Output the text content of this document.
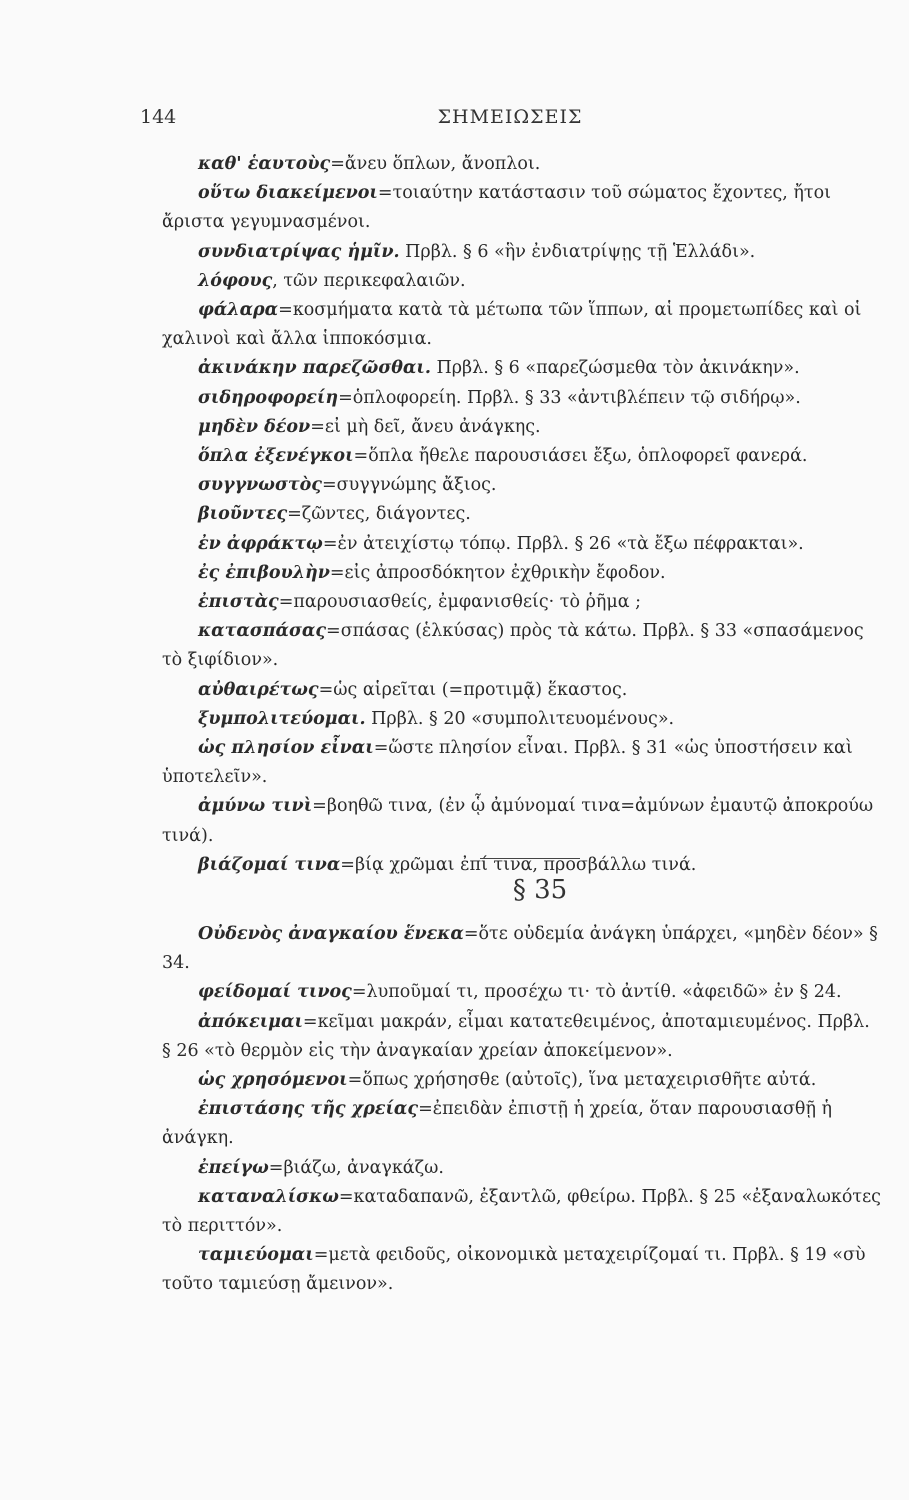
144	ΣΗΜΕΙΩΣΕΙΣ
καθ' ἑαυτοὺς=ἄνευ ὅπλων, ἄνοπλοι.
οὕτω διακείμενοι=τοιαύτην κατάστασιν τοῦ σώματος ἔχοντες, ἤτοι ἄριστα γεγυμνασμένοι.
συνδιατρίψας ἡμῖν. Πρβλ. § 6 «ἣν ἐνδιατρίψῃς τῇ Ἑλλάδι».
λόφους, τῶν περικεφαλαιῶν.
φάλαρα=κοσμήματα κατὰ τὰ μέτωπα τῶν ἵππων, αἱ προμετωπίδες καὶ οἱ χαλινοὶ καὶ ἄλλα ἱπποκόσμια.
ἀκινάκην παρεζῶσθαι. Πρβλ. § 6 «παρεζώσμεθα τὸν ἀκινάκην».
σιδηροφορείη=ὁπλοφορείη. Πρβλ. § 33 «ἀντιβλέπειν τῷ σιδήρῳ».
μηδὲν δέον=εἰ μὴ δεῖ, ἄνευ ἀνάγκης.
ὅπλα ἐξενέγκοι=ὅπλα ἤθελε παρουσιάσει ἔξω, ὁπλοφορεῖ φανερά.
συγγνωστὸς=συγγνώμης ἄξιος.
βιοῦντες=ζῶντες, διάγοντες.
ἐν ἀφράκτῳ=ἐν ἀτειχίστῳ τόπῳ. Πρβλ. § 26 «τὰ ἔξω πέφρακται».
ἐς ἐπιβουλὴν=εἰς ἀπροσδόκητον ἐχθρικὴν ἔφοδον.
ἐπιστὰς=παρουσιασθείς, ἐμφανισθείς· τὸ ῥῆμα ;
κατασπάσας=σπάσας (ἑλκύσας) πρὸς τὰ κάτω. Πρβλ. § 33 «σπασάμενος τὸ ξιφίδιον».
αὐθαιρέτως=ὡς αἱρεῖται (=προτιμᾷ) ἕκαστος.
ξυμπολιτεύομαι. Πρβλ. § 20 «συμπολιτευομένους».
ὡς πλησίον εἶναι=ὥστε πλησίον εἶναι. Πρβλ. § 31 «ὡς ὑποστήσειν καὶ ὑποτελεῖν».
ἀμύνω τινὶ=βοηθῶ τινα, (ἐν ᾧ ἀμύνομαί τινα=ἀμύνων ἐμαυτῷ ἀποκρούω τινά).
βιάζομαί τινα=βίᾳ χρῶμαι ἐπί τινα, προσβάλλω τινά.
§ 35
Οὐδενὸς ἀναγκαίου ἕνεκα=ὅτε οὐδεμία ἀνάγκη ὑπάρχει, «μηδὲν δέον» § 34.
φείδομαί τινος=λυποῦμαί τι, προσέχω τι· τὸ ἀντίθ. «ἀφειδῶ» ἐν § 24.
ἀπόκειμαι=κεῖμαι μακράν, εἶμαι κατατεθειμένος, ἀποταμιευμένος. Πρβλ. § 26 «τὸ θερμὸν εἰς τὴν ἀναγκαίαν χρείαν ἀποκείμενον».
ὡς χρησόμενοι=ὅπως χρήσησθε (αὐτοῖς), ἵνα μεταχειρισθῆτε αὐτά.
ἐπιστάσης τῆς χρείας=ἐπειδὰν ἐπιστῇ ἡ χρεία, ὅταν παρουσιασθῇ ἡ ἀνάγκη.
ἐπείγω=βιάζω, ἀναγκάζω.
καταναλίσκω=καταδαπανῶ, ἐξαντλῶ, φθείρω. Πρβλ. § 25 «ἐξαναλωκότες τὸ περιττόν».
ταμιεύομαι=μετὰ φειδοῦς, οἰκονομικὰ μεταχειρίζομαί τι. Πρβλ. § 19 «σὺ τοῦτο ταμιεύσῃ ἄμεινον».
